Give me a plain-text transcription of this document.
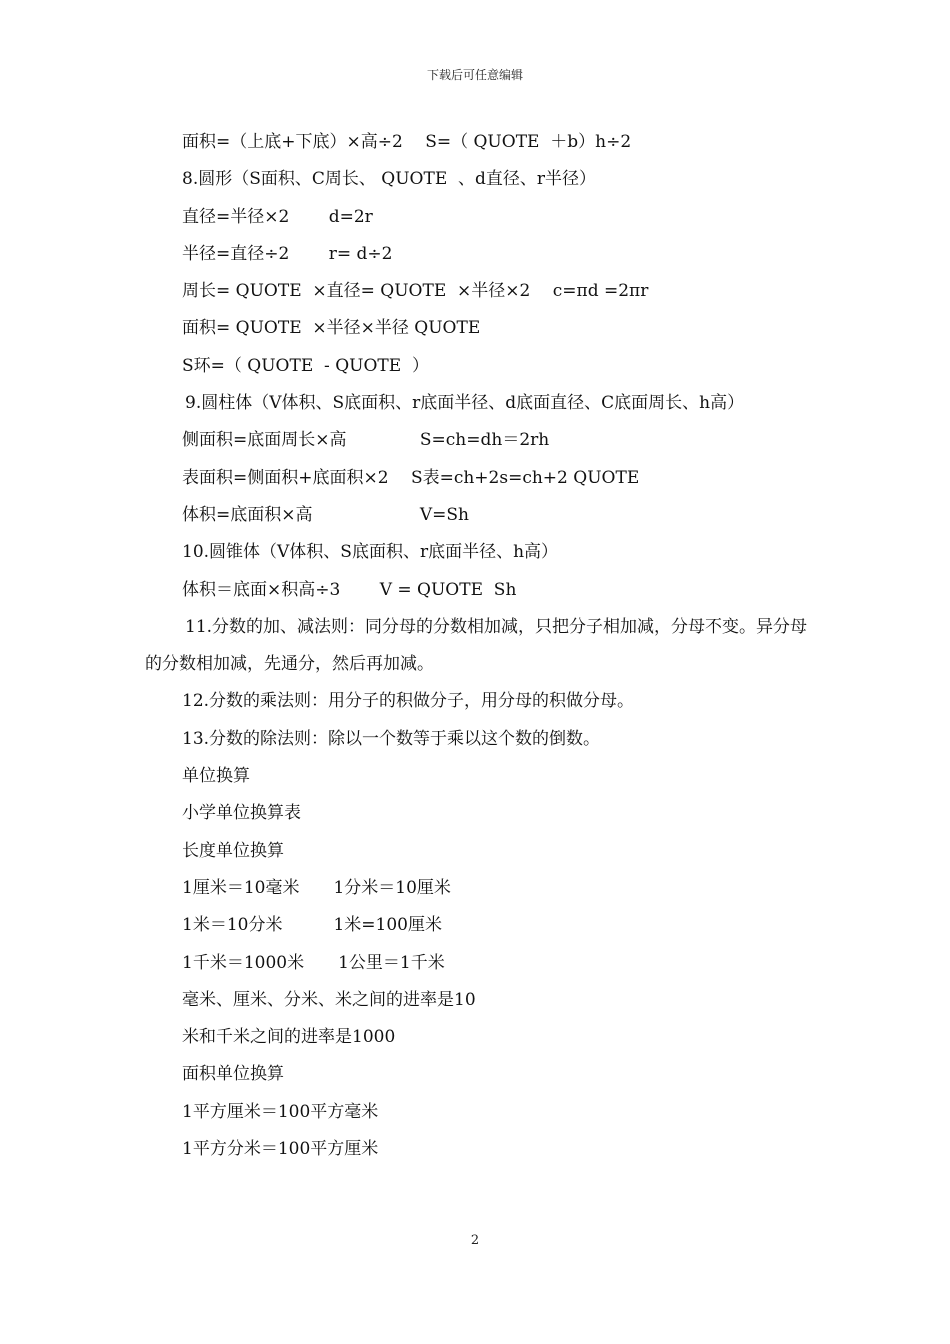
下载后可任意编辑
面积=（上底+下底）×高÷2　 S=（ QUOTE  ＋b）h÷2
8.圆形（S面积、C周长、 QUOTE  、d直径、r半径）
直径=半径×2　　 d=2r
半径=直径÷2　　 r= d÷2
周长= QUOTE  ×直径= QUOTE  ×半径×2　 c=πd =2πr
面积= QUOTE  ×半径×半径 QUOTE
S环=（ QUOTE  - QUOTE  ）
9.圆柱体（V体积、S底面积、r底面半径、d底面直径、C底面周长、h高）
侧面积=底面周长×高　　　　 S=ch=dh＝2rh
表面积=侧面积+底面积×2　 S表=ch+2s=ch+2 QUOTE
体积=底面积×高　　　　　　 V=Sh
10.圆锥体（V体积、S底面积、r底面半径、h高）
体积＝底面×积高÷3　　 V = QUOTE  Sh
11.分数的加、减法则：同分母的分数相加减，只把分子相加减，分母不变。异分母的分数相加减，先通分，然后再加减。
12.分数的乘法则：用分子的积做分子，用分母的积做分母。
13.分数的除法则：除以一个数等于乘以这个数的倒数。
单位换算
小学单位换算表
长度单位换算
1厘米＝10毫米　　1分米＝10厘米
1米＝10分米　　　1米=100厘米
1千米＝1000米　　1公里＝1千米
毫米、厘米、分米、米之间的进率是10
米和千米之间的进率是1000
面积单位换算
1平方厘米＝100平方毫米
1平方分米＝100平方厘米
2
